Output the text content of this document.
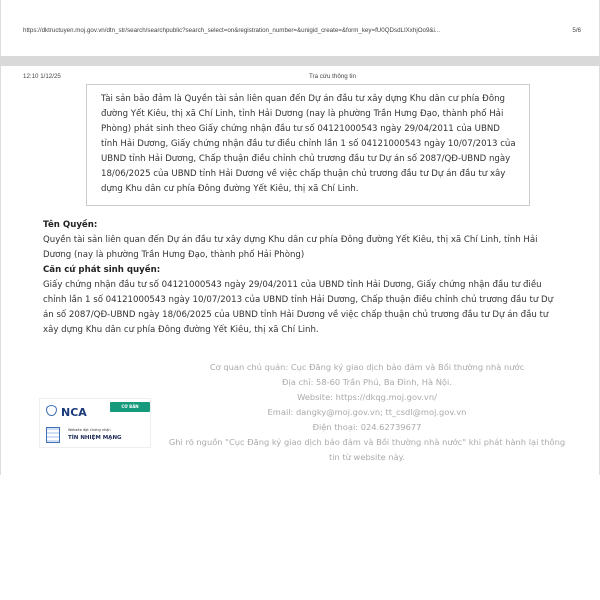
https://dktructuyen.moj.gov.vn/dtn_str/search/searchpublic?search_select=on&registration_number=&unigid_create=&form_key=fU0QDsdLIXxhjOo9&i...	5/6
12:10 1/12/25	Tra cứu thông tin
Tài sản bảo đảm là Quyền tài sản liên quan đến Dự án đầu tư xây dựng Khu dân cư phía Đông đường Yết Kiêu, thị xã Chí Linh, tỉnh Hải Dương (nay là phường Trần Hưng Đạo, thành phố Hải Phòng) phát sinh theo Giấy chứng nhận đầu tư số 04121000543 ngày 29/04/2011 của UBND tỉnh Hải Dương, Giấy chứng nhận đầu tư điều chỉnh lần 1 số 04121000543 ngày 10/07/2013 của UBND tỉnh Hải Dương, Chấp thuận điều chỉnh chủ trương đầu tư Dự án số 2087/QĐ-UBND ngày 18/06/2025 của UBND tỉnh Hải Dương về việc chấp thuận chủ trương đầu tư Dự án đầu tư xây dựng Khu dân cư phía Đông đường Yết Kiêu, thị xã Chí Linh.
Tên Quyền:
Quyền tài sản liên quan đến Dự án đầu tư xây dựng Khu dân cư phía Đông đường Yết Kiêu, thị xã Chí Linh, tỉnh Hải Dương (nay là phường Trần Hưng Đạo, thành phố Hải Phòng)
Căn cứ phát sinh quyền:
Giấy chứng nhận đầu tư số 04121000543 ngày 29/04/2011 của UBND tỉnh Hải Dương, Giấy chứng nhận đầu tư điều chỉnh lần 1 số 04121000543 ngày 10/07/2013 của UBND tỉnh Hải Dương, Chấp thuận điều chỉnh chủ trương đầu tư Dự án số 2087/QĐ-UBND ngày 18/06/2025 của UBND tỉnh Hải Dương về việc chấp thuận chủ trương đầu tư Dự án đầu tư xây dựng Khu dân cư phía Đông đường Yết Kiêu, thị xã Chí Linh.
NCA	CƠ BẢN
Website đạt chứng nhận
TÍN NHIỆM MẠNG
Cơ quan chủ quản: Cục Đăng ký giao dịch bảo đảm và Bồi thường nhà nước
Địa chỉ: 58-60 Trần Phú, Ba Đình, Hà Nội.
Website: https://dkqg.moj.gov.vn/
Email: dangky@moj.gov.vn; tt_csdl@moj.gov.vn
Điện thoại: 024.62739677
Ghi rõ nguồn "Cục Đăng ký giao dịch bảo đảm và Bồi thường nhà nước" khi phát hành lại thông tin từ website này.
